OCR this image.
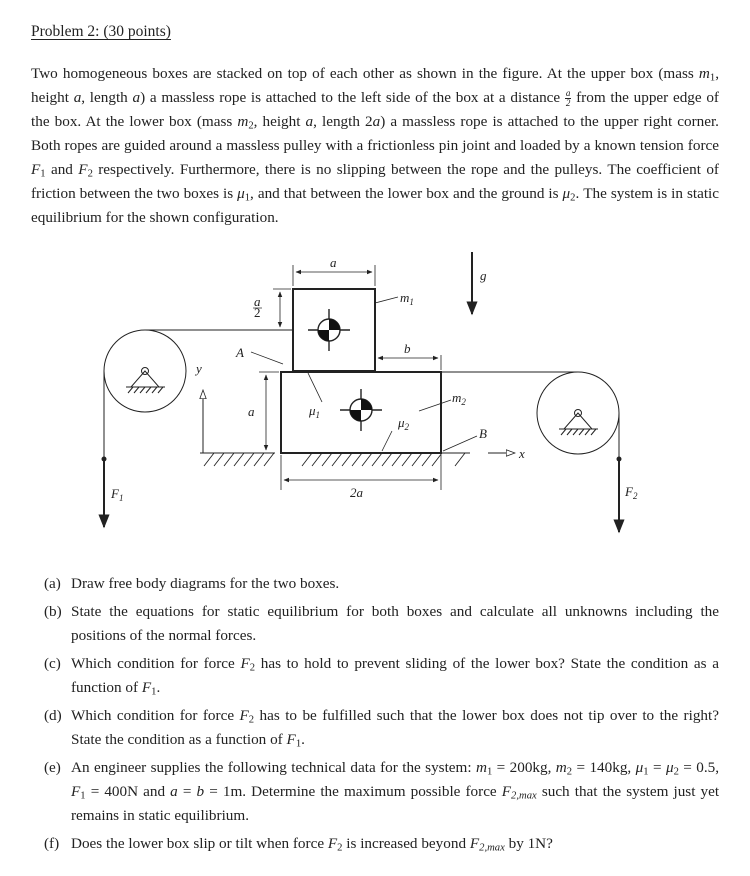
Problem 2: (30 points)

Two homogeneous boxes are stacked on top of each other as shown in the figure. At the upper box (mass $m_1$, height a, length a) a massless rope is attached to the left side of the box at a distance $\frac{a}{2}$ from the upper edge of the box. At the lower box (mass $m_2$, height a, length 2a) a massless rope is attached to the upper right corner. Both ropes are guided around a massless pulley with a frictionless pin joint and loaded by a known tension force $F_1$ and $F_2$ respectively. Furthermore, there is no slipping between the rope and the pulleys. The coefficient of friction between the two boxes is $\mu_1$, and that between the lower box and the ground is $\mu_2$. The system is in static equilibrium for the shown configuration.

x
y
$F_1$	$F_2$
g
a
a
2
A	b
$m_1$
a	$\mu_1$	$\mu_2$
$m_2$
B
2a
(a) Draw free body diagrams for the two boxes.
(b) State the equations for static equilibrium for both boxes and calculate all unknowns including the positions of the normal forces.
(c) Which condition for force $F_2$ has to hold to prevent sliding of the lower box? State the condition as a function of $F_1$.
(d) Which condition for force $F_2$ has to be fulfilled such that the lower box does not tip over to the right? State the condition as a function of $F_1$.
(e) An engineer supplies the following technical data for the system: $m_1 = 200kg$, $m_2 = 140kg$, $\mu_1 = \mu_2 = 0.5$, $F_1 = 400N$ and a = b = 1m. Determine the maximum possible force $F_{2,max}$ such that the system just yet remains in static equilibrium.
(f) Does the lower box slip or tilt when force $F_2$ is increased beyond $F_{2,max}$ by 1N?
